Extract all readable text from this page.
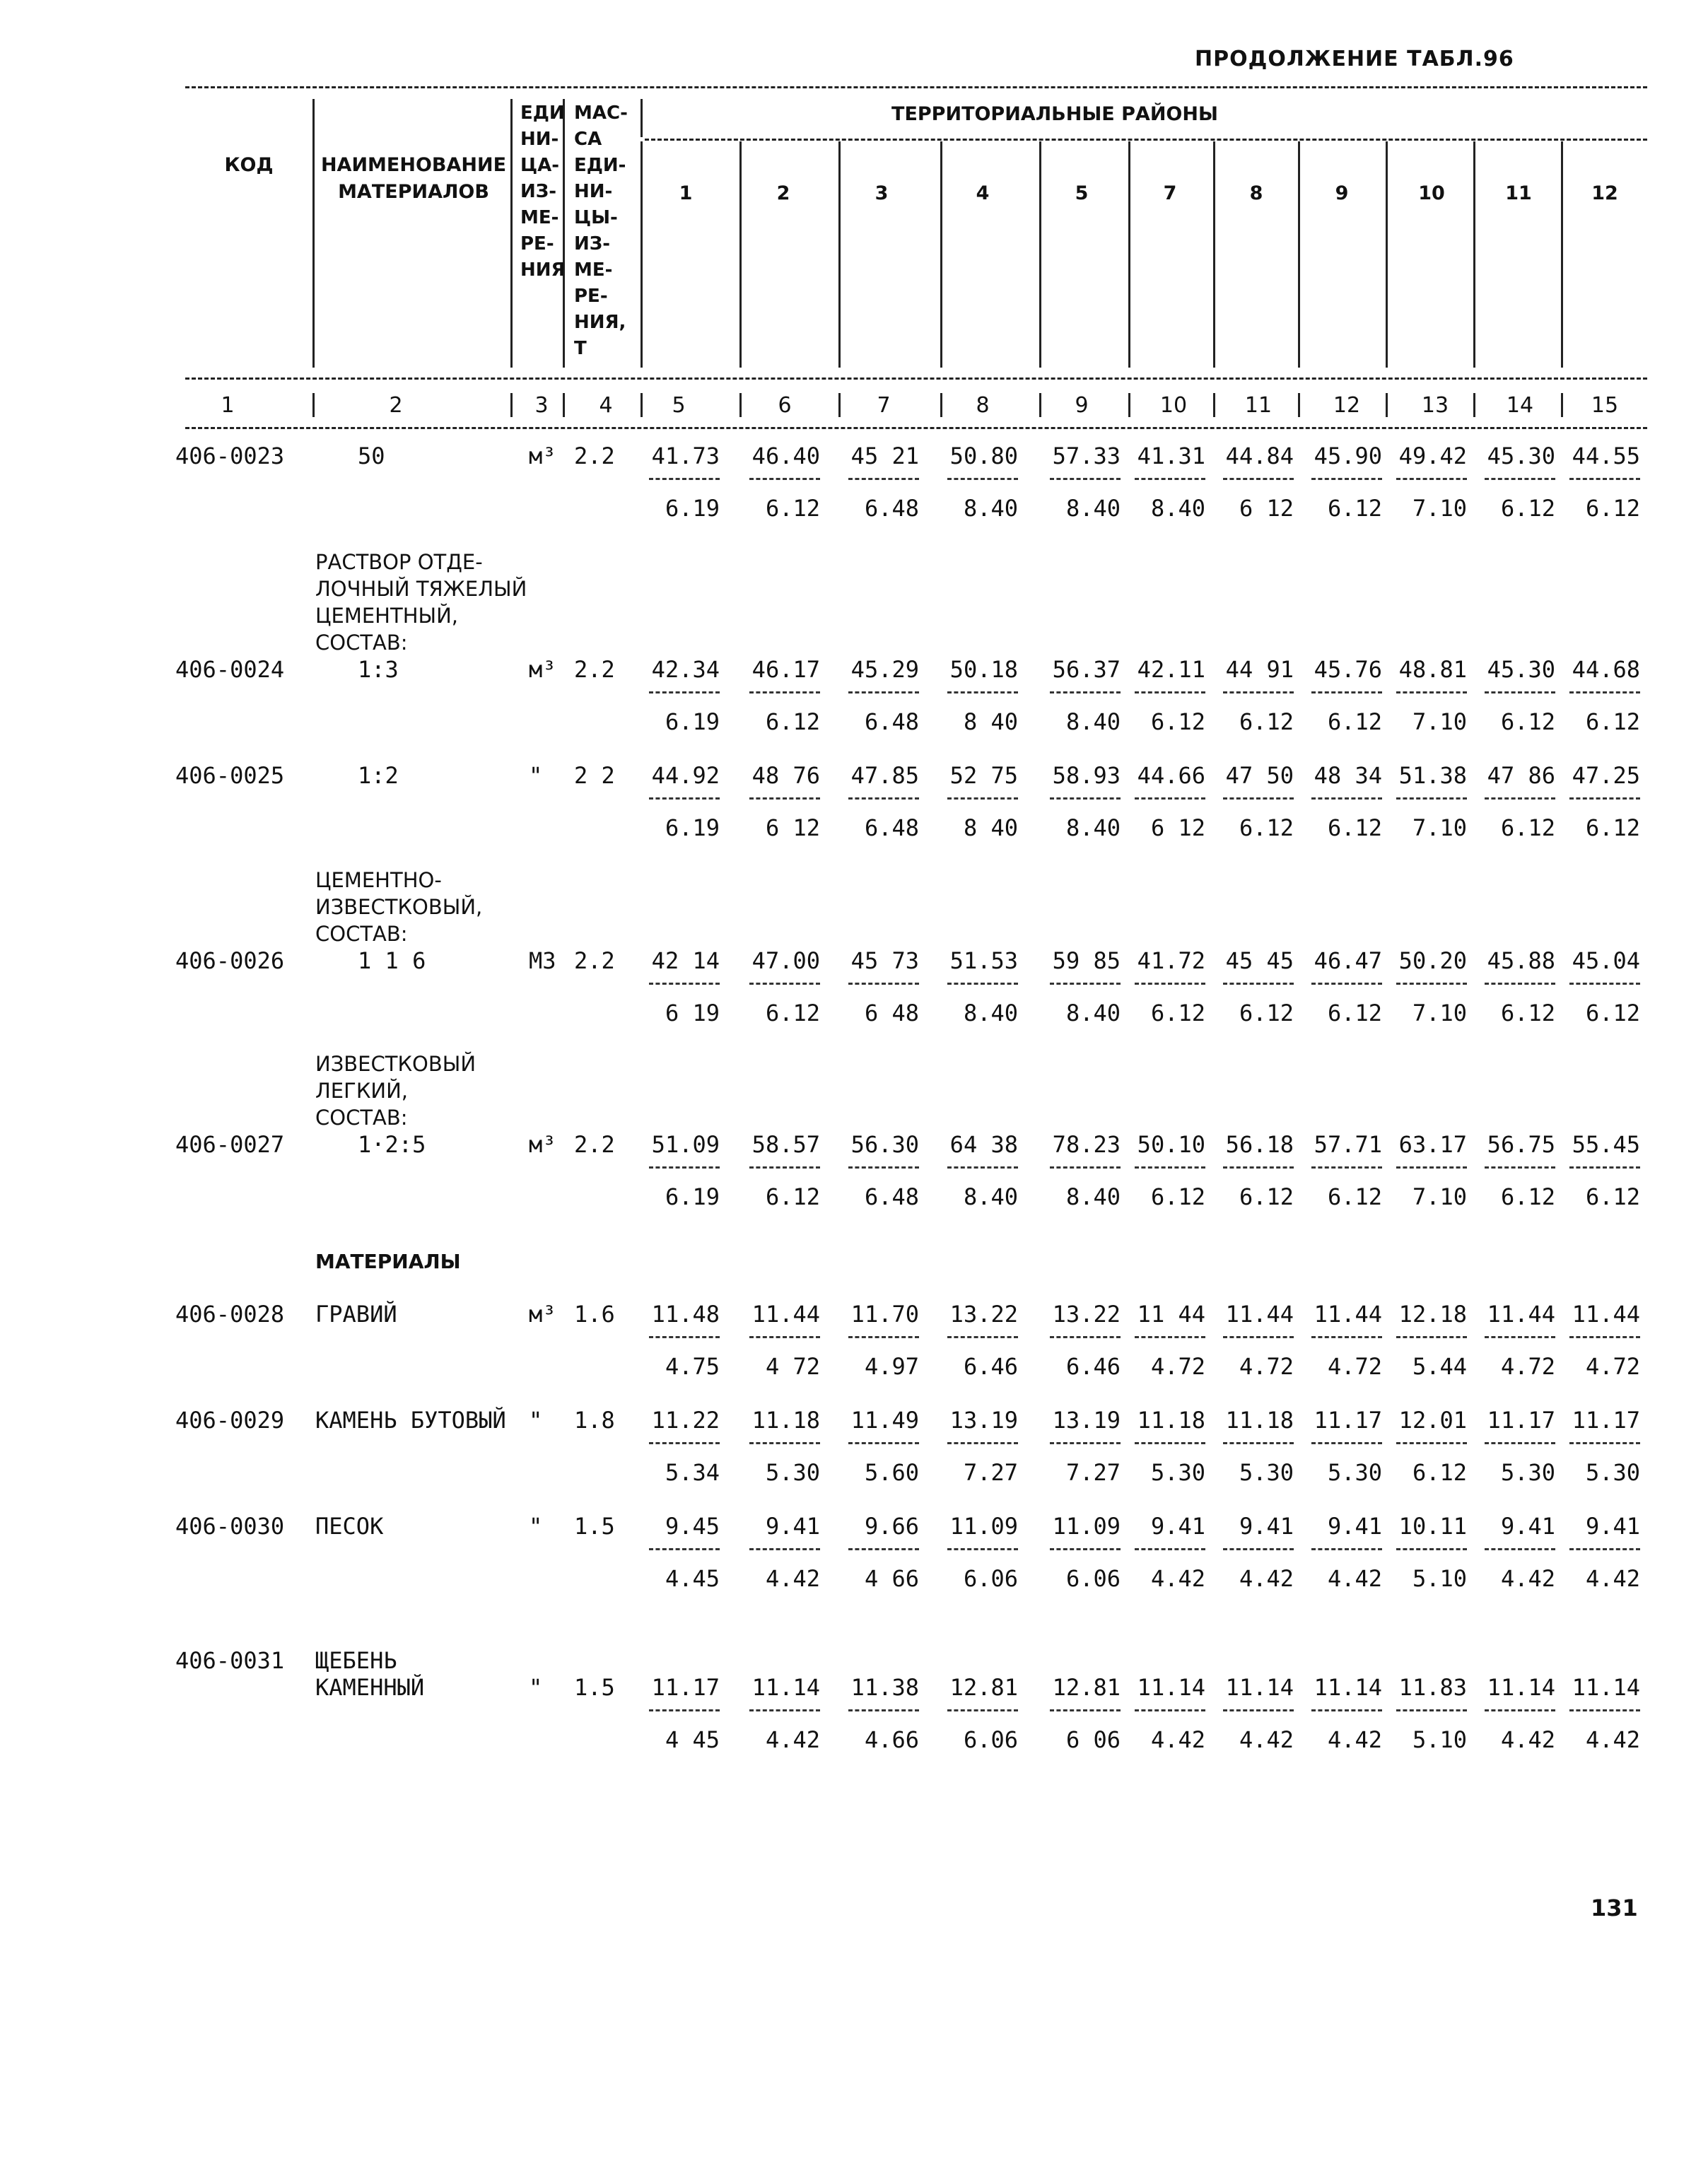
ПРОДОЛЖЕНИЕ ТАБЛ.96
КОД	НАИМЕНОВАНИЕ
МАТЕРИАЛОВ
ЕДИ
НИ-
ЦА-
ИЗ-
МЕ-
РЕ-
НИЯ
МАС-
СА
ЕДИ-
НИ-
ЦЫ-
ИЗ-
МЕ-
РЕ-
НИЯ,
Т
ТЕРРИТОРИАЛЬНЫЕ РАЙОНЫ
1	2	3	4	5	7	8	9	10	11	12
1	2	3	4	5	6	7	8	9	10	11	12	13	14	15
406-0023	50	м³ 2.2	41.73	46.40	45 21	50.80	57.33 41.31 44.84 45.90 49.42 45.30 44.55
6.19	6.12	6.48	8.40	8.40	8.40	6 12	6.12	7.10	6.12	6.12
РАСТВОР ОТДЕ-
ЛОЧНЫЙ ТЯЖЕЛЫЙ
ЦЕМЕНТНЫЙ,
СОСТАВ:
406-0024	1:3	м³ 2.2	42.34	46.17	45.29	50.18	56.37 42.11 44 91 45.76 48.81 45.30 44.68
6.19	6.12	6.48	8 40	8.40	6.12	6.12	6.12	7.10	6.12	6.12
406-0025	1:2	" 2 2	44.92	48 76	47.85	52 75	58.93 44.66 47 50 48 34 51.38 47 86 47.25
6.19	6 12	6.48	8 40	8.40	6 12	6.12	6.12	7.10	6.12	6.12
ЦЕМЕНТНО-
ИЗВЕСТКОВЫЙ,
СОСТАВ:
406-0026	1 1 6	М3 2.2	42 14	47.00	45 73	51.53	59 85 41.72 45 45 46.47 50.20 45.88 45.04
6 19	6.12	6 48	8.40	8.40	6.12	6.12	6.12	7.10	6.12	6.12
ИЗВЕСТКОВЫЙ
ЛЕГКИЙ,
СОСТАВ:
406-0027	1·2:5	м³ 2.2	51.09	58.57	56.30	64 38	78.23 50.10 56.18 57.71 63.17 56.75 55.45
6.19	6.12	6.48	8.40	8.40	6.12	6.12	6.12	7.10	6.12	6.12
МАТЕРИАЛЫ
406-0028 ГРАВИЙ	м³ 1.6	11.48	11.44	11.70	13.22	13.22 11 44 11.44 11.44 12.18 11.44 11.44
4.75	4 72	4.97	6.46	6.46	4.72	4.72	4.72	5.44	4.72	4.72
406-0029 КАМЕНЬ БУТОВЫЙ " 1.8	11.22	11.18	11.49	13.19	13.19 11.18 11.18 11.17 12.01 11.17 11.17
5.34	5.30	5.60	7.27	7.27	5.30	5.30	5.30	6.12	5.30	5.30
406-0030 ПЕСОК	" 1.5	9.45	9.41	9.66	11.09	11.09	9.41	9.41	9.41 10.11	9.41	9.41
4.45	4.42	4 66	6.06	6.06	4.42	4.42	4.42	5.10	4.42	4.42
406-0031 ЩЕБЕНЬ
КАМЕННЫЙ	" 1.5	11.17	11.14	11.38	12.81	12.81 11.14 11.14 11.14 11.83 11.14 11.14
4 45	4.42	4.66	6.06	6 06	4.42	4.42	4.42	5.10	4.42	4.42
131
